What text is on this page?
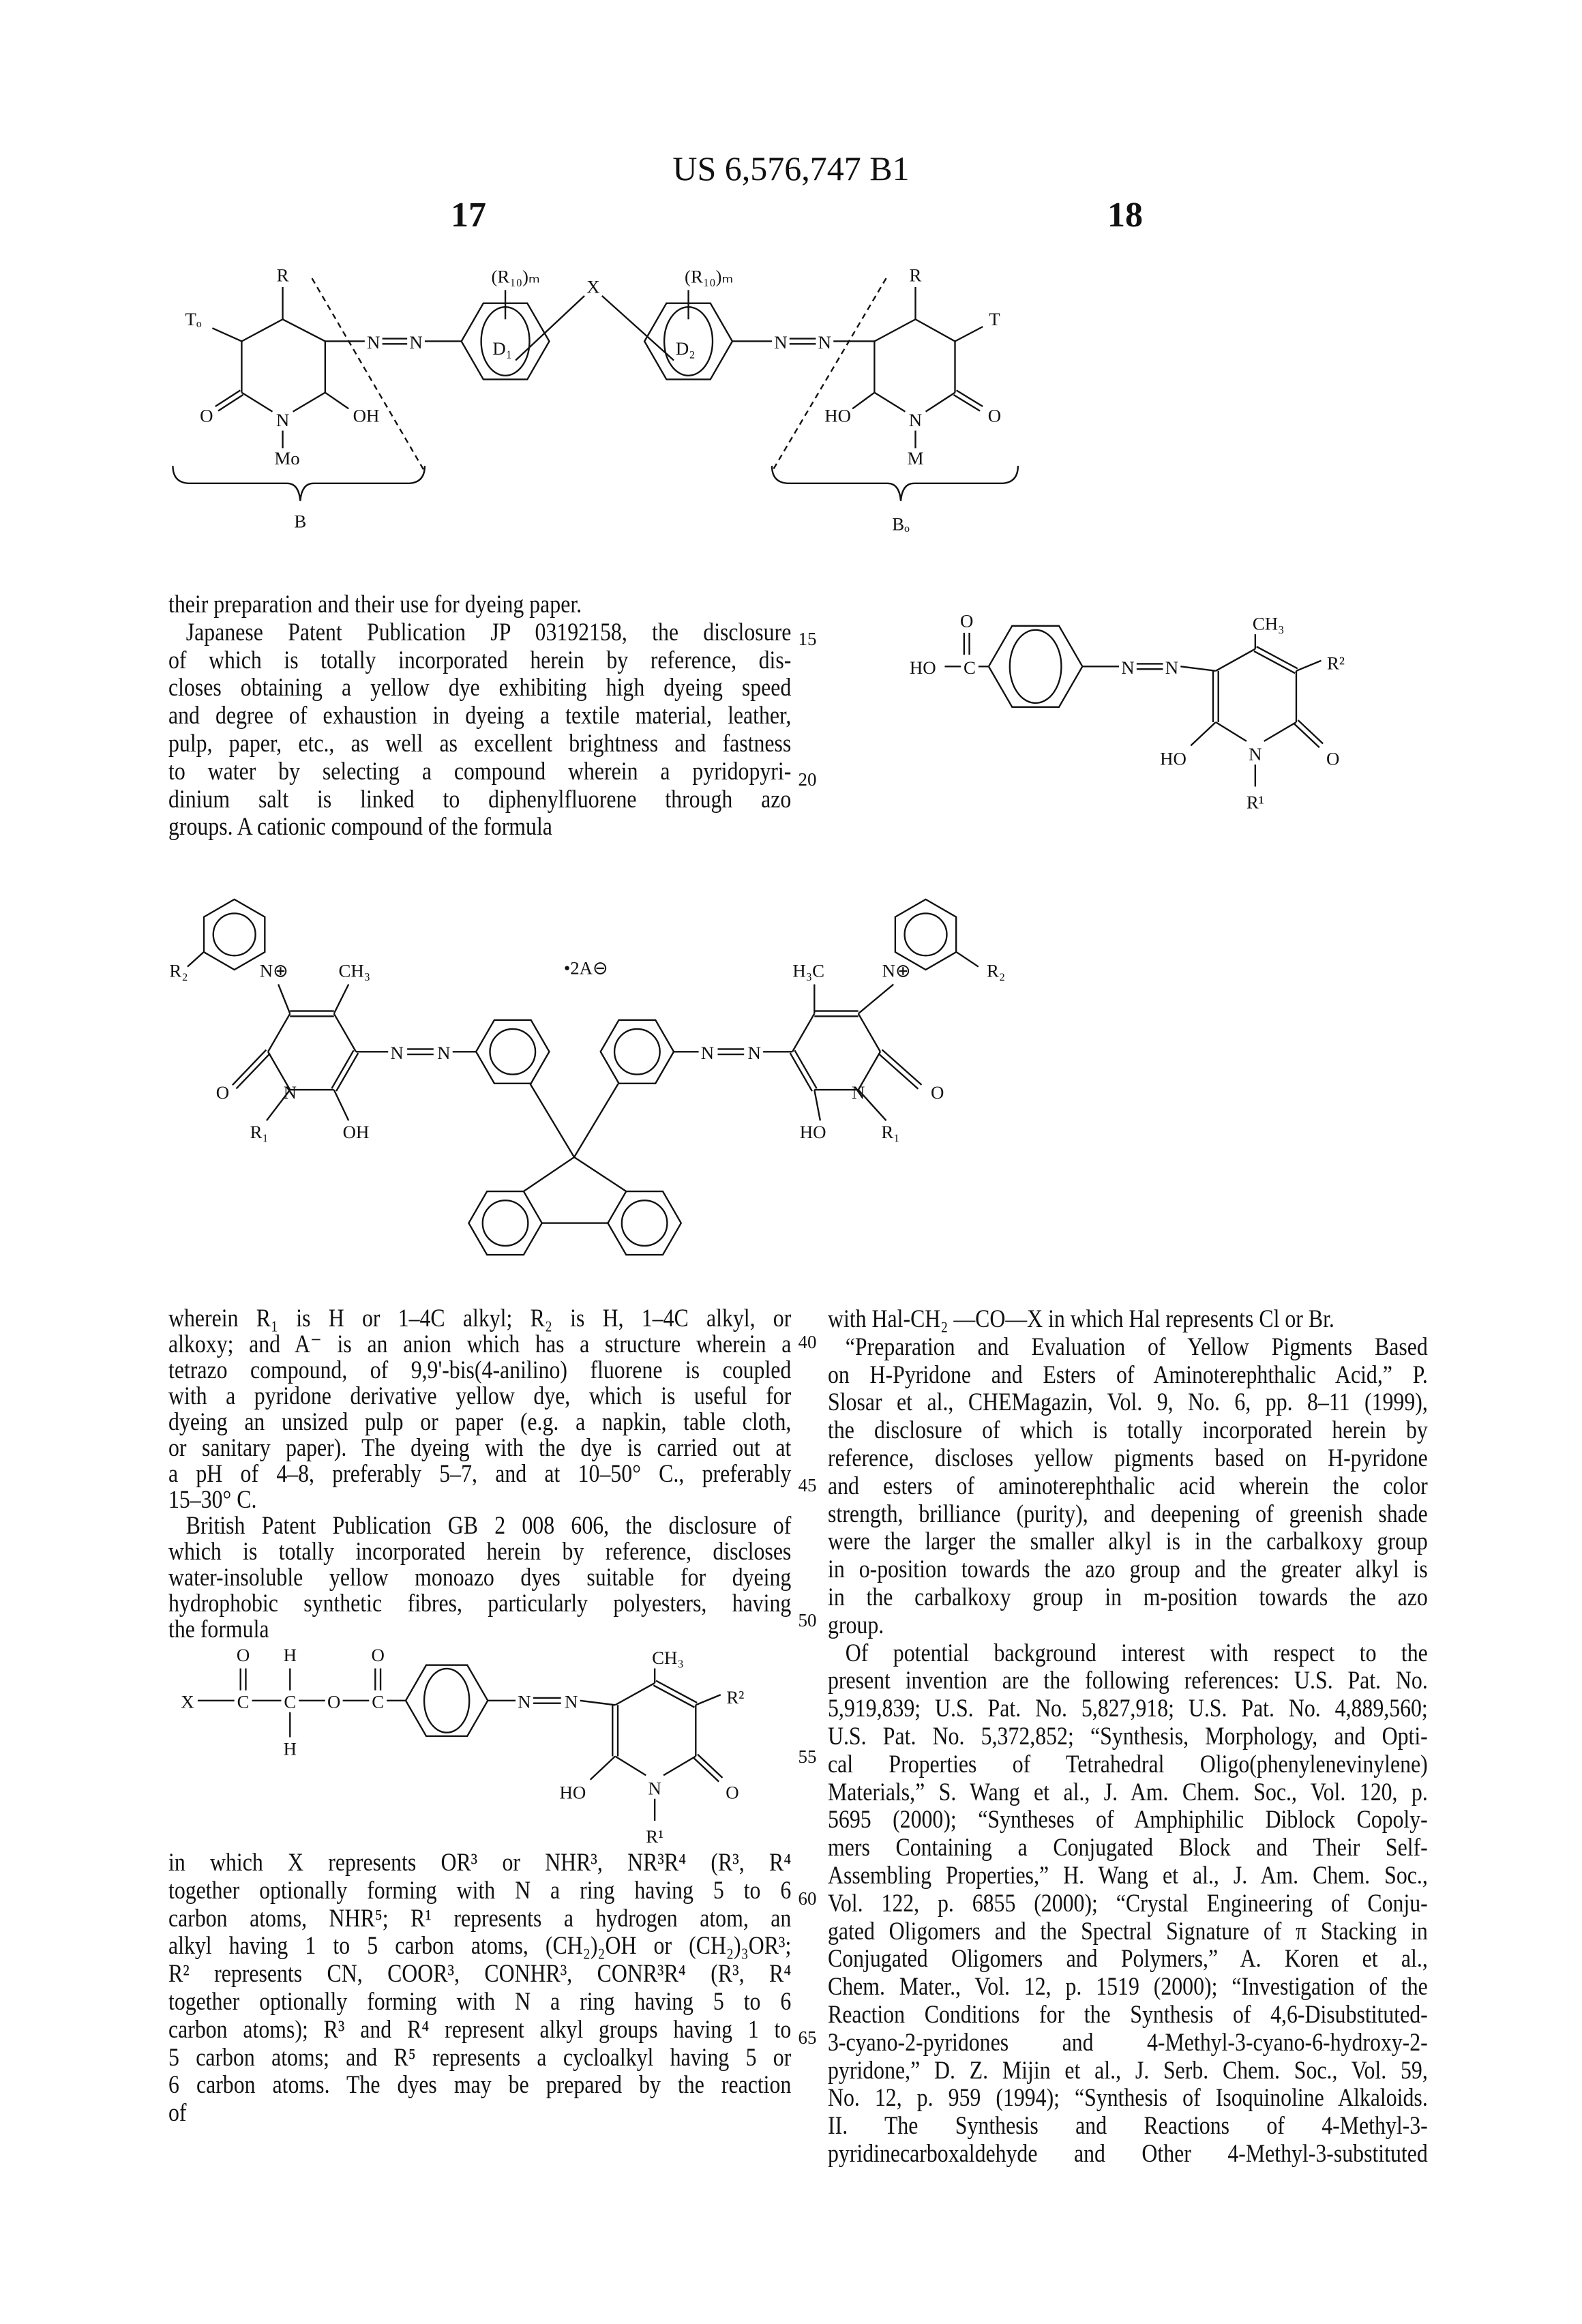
US 6,576,747 B1
17	18
their preparation and their use for dyeing paper.
Japanese Patent Publication JP 03192158, the disclosure
of which is totally incorporated herein by reference, dis-
closes obtaining a yellow dye exhibiting high dyeing speed
and degree of exhaustion in dyeing a textile material, leather,
pulp, paper, etc., as well as excellent brightness and fastness
to water by selecting a compound wherein a pyridopyri-
dinium salt is linked to diphenylfluorene through azo
groups. A cationic compound of the formula
wherein R₁ is H or 1–4C alkyl; R₂ is H, 1–4C alkyl, or
alkoxy; and A⁻ is an anion which has a structure wherein a
tetrazo compound, of 9,9'-bis(4-anilino) fluorene is coupled
with a pyridone derivative yellow dye, which is useful for
dyeing an unsized pulp or paper (e.g. a napkin, table cloth,
or sanitary paper). The dyeing with the dye is carried out at
a pH of 4–8, preferably 5–7, and at 10–50° C., preferably
15–30° C.
British Patent Publication GB 2 008 606, the disclosure of
which is totally incorporated herein by reference, discloses
water-insoluble yellow monoazo dyes suitable for dyeing
hydrophobic synthetic fibres, particularly polyesters, having
the formula
in which X represents OR³ or NHR³, NR³R⁴ (R³, R⁴
together optionally forming with N a ring having 5 to 6
carbon atoms, NHR⁵; R¹ represents a hydrogen atom, an
alkyl having 1 to 5 carbon atoms, (CH₂)₂OH or (CH₂)₃OR³;
R² represents CN, COOR³, CONHR³, CONR³R⁴ (R³, R⁴
together optionally forming with N a ring having 5 to 6
carbon atoms); R³ and R⁴ represent alkyl groups having 1 to
5 carbon atoms; and R⁵ represents a cycloalkyl having 5 or
6 carbon atoms. The dyes may be prepared by the reaction
of
with Hal-CH₂ —CO—X in which Hal represents Cl or Br.
“Preparation and Evaluation of Yellow Pigments Based
on H-Pyridone and Esters of Aminoterephthalic Acid,” P.
Slosar et al., CHEMagazin, Vol. 9, No. 6, pp. 8–11 (1999),
the disclosure of which is totally incorporated herein by
reference, discloses yellow pigments based on H-pyridone
and esters of aminoterephthalic acid wherein the color
strength, brilliance (purity), and deepening of greenish shade
were the larger the smaller alkyl is in the carbalkoxy group
in o-position towards the azo group and the greater alkyl is
in the carbalkoxy group in m-position towards the azo
group.
Of potential background interest with respect to the
present invention are the following references: U.S. Pat. No.
5,919,839; U.S. Pat. No. 5,827,918; U.S. Pat. No. 4,889,560;
U.S. Pat. No. 5,372,852; “Synthesis, Morphology, and Opti-
cal Properties of Tetrahedral Oligo(phenylenevinylene)
Materials,” S. Wang et al., J. Am. Chem. Soc., Vol. 120, p.
5695 (2000); “Syntheses of Amphiphilic Diblock Copoly-
mers Containing a Conjugated Block and Their Self-
Assembling Properties,” H. Wang et al., J. Am. Chem. Soc.,
Vol. 122, p. 6855 (2000); “Crystal Engineering of Conju-
gated Oligomers and the Spectral Signature of π Stacking in
Conjugated Oligomers and Polymers,” A. Koren et al.,
Chem. Mater., Vol. 12, p. 1519 (2000); “Investigation of the
Reaction Conditions for the Synthesis of 4,6-Disubstituted-
3-cyano-2-pyridones and 4-Methyl-3-cyano-6-hydroxy-2-
pyridone,” D. Z. Mijin et al., J. Serb. Chem. Soc., Vol. 59,
No. 12, p. 959 (1994); “Synthesis of Isoquinoline Alkaloids.
II. The Synthesis and Reactions of 4-Methyl-3-
pyridinecarboxaldehyde and Other 4-Methyl-3-substituted
15
20
40
45
50
55
60
65
R
Tₒ
O	N	OH
Mo
N	N
B
(R₁₀)ₘ
D₁
X
(R₁₀)ₘ
D₂	N	N
R
T
HO	N	O
M
Bₒ
O
HO	C	N	N
CH₃
R²
HO	N	O
R¹
R₂	N⊕	CH₃
O	N
R₁	OH
N	N
•2A⊖
N	N
H₃C	N⊕	R₂
O
N
HO	R₁
X	C
O
C
H
H
O	C
O
N	N
CH₃
R²
HO	N	O
R¹
